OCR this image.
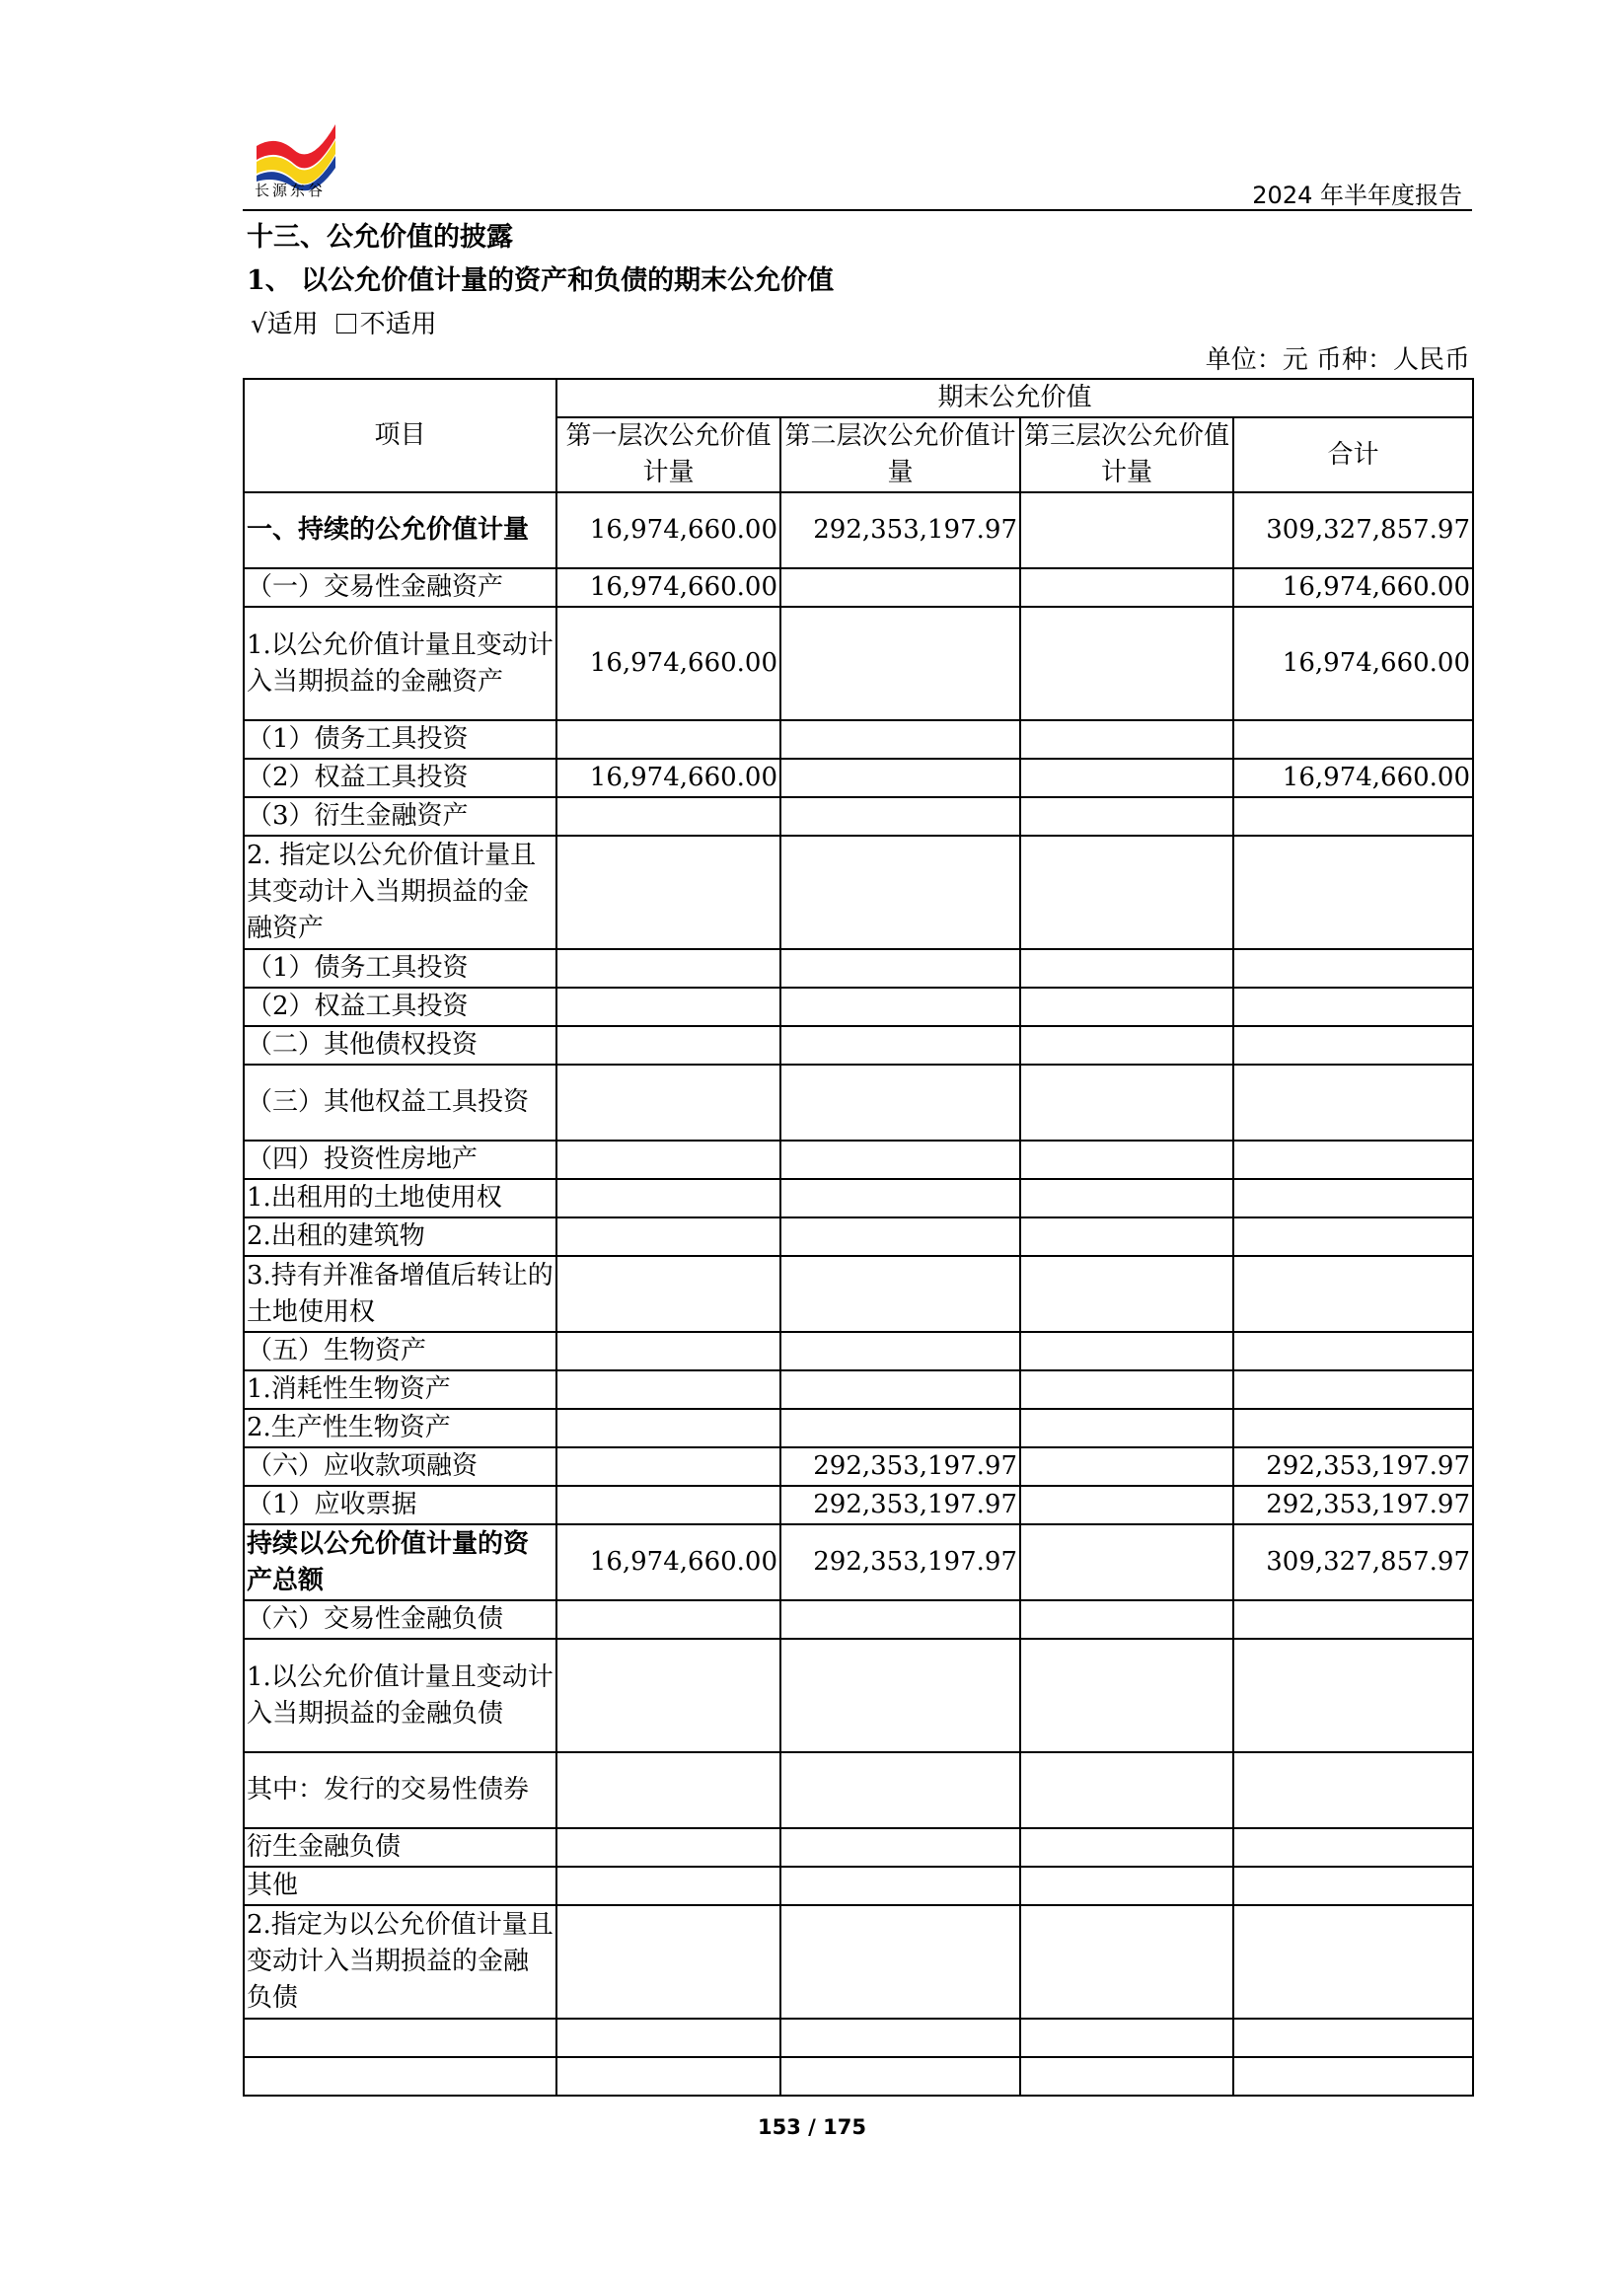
长源东谷	2024 年半年度报告
十三、公允价值的披露
1、 以公允价值计量的资产和负债的期末公允价值
√适用 不适用
单位：元 币种：人民币
项目	期末公允价值			
	第一层次公允价值计量	第二层次公允价值计量	第三层次公允价值计量	合计
一、持续的公允价值计量	16,974,660.00	292,353,197.97		309,327,857.97
（一）交易性金融资产	16,974,660.00			16,974,660.00
1.以公允价值计量且变动计入当期损益的金融资产	16,974,660.00			16,974,660.00
（1）债务工具投资				
（2）权益工具投资	16,974,660.00			16,974,660.00
（3）衍生金融资产				
2. 指定以公允价值计量且其变动计入当期损益的金融资产				
（1）债务工具投资				
（2）权益工具投资				
（二）其他债权投资				
（三）其他权益工具投资				
（四）投资性房地产				
1.出租用的土地使用权				
2.出租的建筑物				
3.持有并准备增值后转让的土地使用权				
（五）生物资产				
1.消耗性生物资产				
2.生产性生物资产				
（六）应收款项融资		292,353,197.97		292,353,197.97
（1）应收票据		292,353,197.97		292,353,197.97
持续以公允价值计量的资产总额	16,974,660.00	292,353,197.97		309,327,857.97
（六）交易性金融负债				
1.以公允价值计量且变动计入当期损益的金融负债				
其中：发行的交易性债券				
衍生金融负债				
其他				
2.指定为以公允价值计量且变动计入当期损益的金融负债				

153 / 175
